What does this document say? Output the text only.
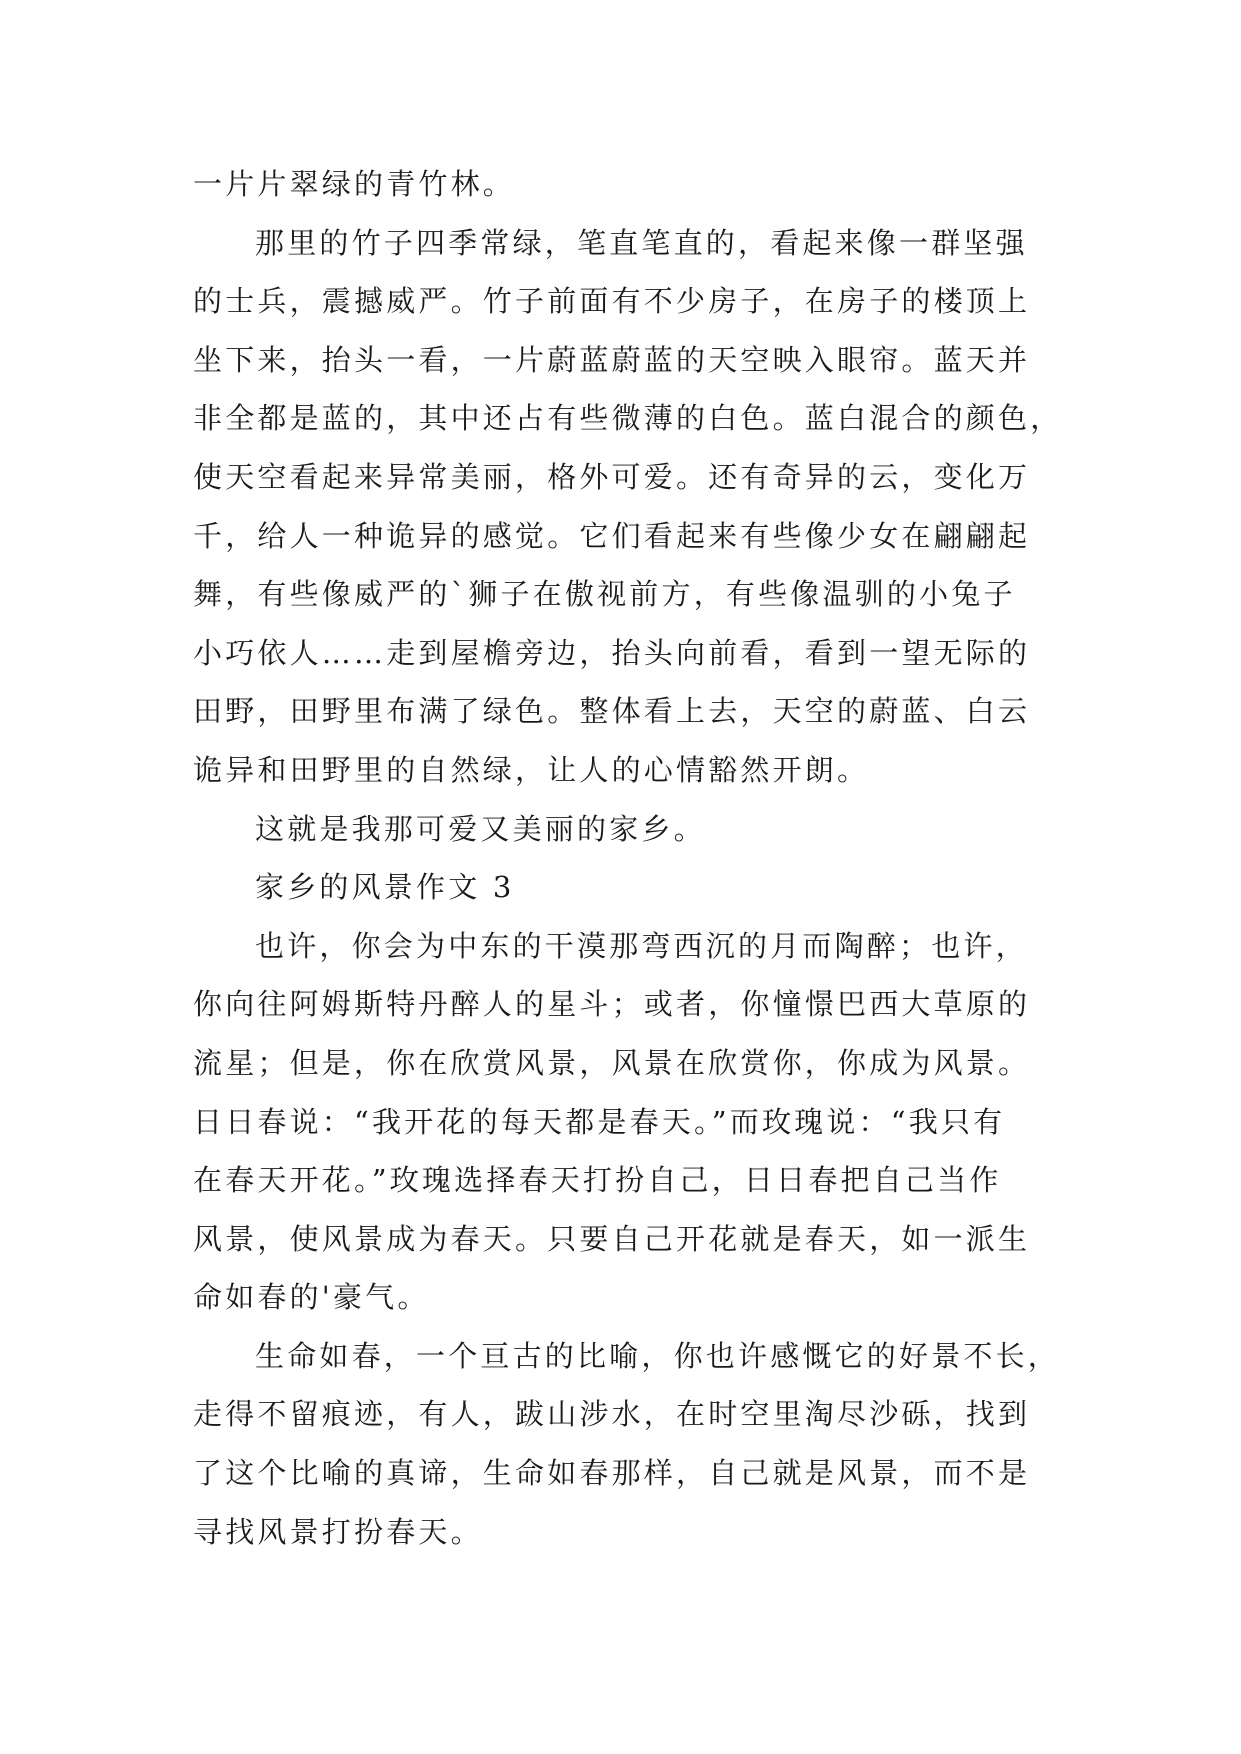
一片片翠绿的青竹林。
那里的竹子四季常绿，笔直笔直的，看起来像一群坚强
的士兵，震撼威严。竹子前面有不少房子，在房子的楼顶上
坐下来，抬头一看，一片蔚蓝蔚蓝的天空映入眼帘。蓝天并
非全都是蓝的，其中还占有些微薄的白色。蓝白混合的颜色，
使天空看起来异常美丽，格外可爱。还有奇异的云，变化万
千，给人一种诡异的感觉。它们看起来有些像少女在翩翩起
舞，有些像威严的`狮子在傲视前方，有些像温驯的小兔子
小巧依人……走到屋檐旁边，抬头向前看，看到一望无际的
田野，田野里布满了绿色。整体看上去，天空的蔚蓝、白云
诡异和田野里的自然绿，让人的心情豁然开朗。
这就是我那可爱又美丽的家乡。
家乡的风景作文 3
也许，你会为中东的干漠那弯西沉的月而陶醉；也许，
你向往阿姆斯特丹醉人的星斗；或者，你憧憬巴西大草原的
流星；但是，你在欣赏风景，风景在欣赏你，你成为风景。
日日春说：“我开花的每天都是春天。”而玫瑰说：“我只有
在春天开花。”玫瑰选择春天打扮自己，日日春把自己当作
风景，使风景成为春天。只要自己开花就是春天，如一派生
命如春的'豪气。
生命如春，一个亘古的比喻，你也许感慨它的好景不长，
走得不留痕迹，有人，跋山涉水，在时空里淘尽沙砾，找到
了这个比喻的真谛，生命如春那样，自己就是风景，而不是
寻找风景打扮春天。
